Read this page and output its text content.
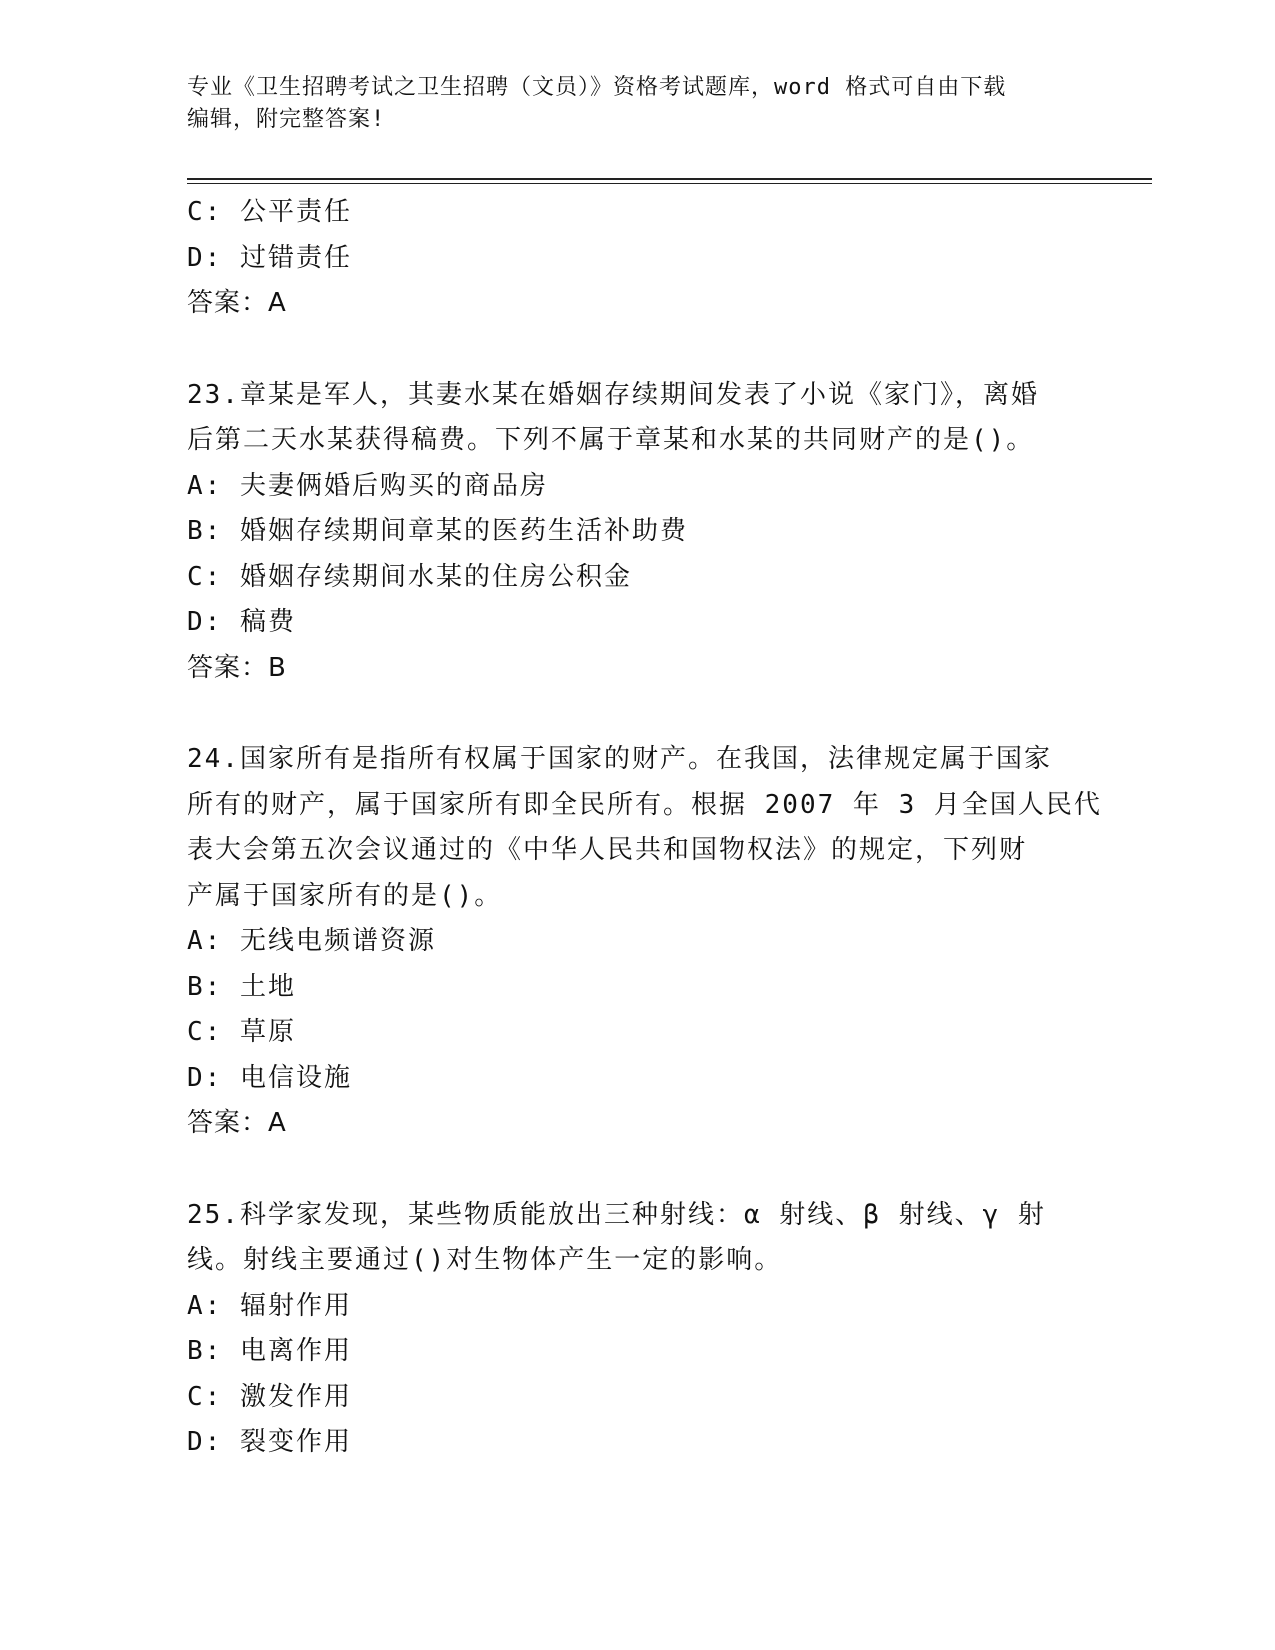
专业《卫生招聘考试之卫生招聘（文员）》资格考试题库，word 格式可自由下载
编辑，附完整答案!
C: 公平责任
D: 过错责任
答案：A
23.章某是军人，其妻水某在婚姻存续期间发表了小说《家门》，离婚
后第二天水某获得稿费。下列不属于章某和水某的共同财产的是()。
A: 夫妻俩婚后购买的商品房
B: 婚姻存续期间章某的医药生活补助费
C: 婚姻存续期间水某的住房公积金
D: 稿费
答案：B
24.国家所有是指所有权属于国家的财产。在我国，法律规定属于国家
所有的财产，属于国家所有即全民所有。根据 2007 年 3 月全国人民代
表大会第五次会议通过的《中华人民共和国物权法》的规定，下列财
产属于国家所有的是()。
A: 无线电频谱资源
B: 土地
C: 草原
D: 电信设施
答案：A
25.科学家发现，某些物质能放出三种射线：α 射线、β 射线、γ 射
线。射线主要通过()对生物体产生一定的影响。
A: 辐射作用
B: 电离作用
C: 激发作用
D: 裂变作用
